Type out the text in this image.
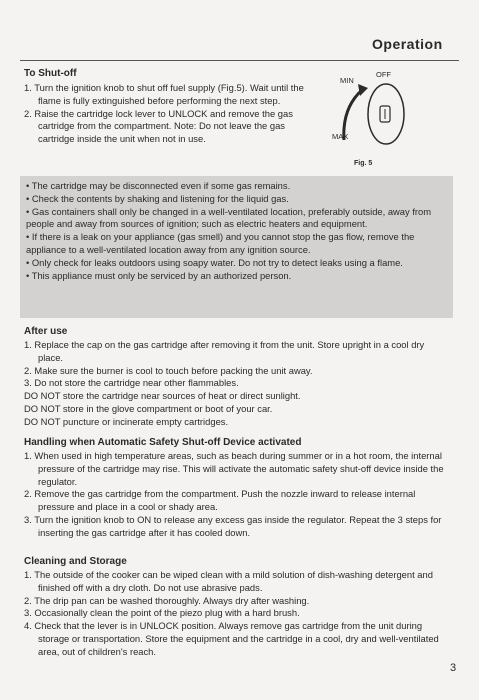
Operation
To Shut-off

1. Turn the ignition knob to shut off fuel supply (Fig.5). Wait until the flame is fully extinguished before performing the next step.

2. Raise the cartridge lock lever to UNLOCK and remove the gas cartridge from the compartment. Note: Do not leave the gas cartridge inside the unit when not in use.

MIN
OFF
MAX
Fig. 5

• The cartridge may be disconnected even if some gas remains.

• Check the contents by shaking and listening for the liquid gas.

• Gas containers shall only be changed in a well-ventilated location, preferably outside, away from people and away from sources of ignition; such as electric heaters and equipment.

• If there is a leak on your appliance (gas smell) and you cannot stop the gas flow, remove the appliance to a well-ventilated location away from any ignition source.

• Only check for leaks outdoors using soapy water. Do not try to detect leaks using a flame.

• This appliance must only be serviced by an authorized person.

After use

1. Replace the cap on the gas cartridge after removing it from the unit. Store upright in a cool dry place.

2. Make sure the burner is cool to touch before packing the unit away.

3. Do not store the cartridge near other flammables.

DO NOT store the cartridge near sources of heat or direct sunlight.

DO NOT store in the glove compartment or boot of your car.

DO NOT puncture or incinerate empty cartridges.

Handling when Automatic Safety Shut-off Device activated

1. When used in high temperature areas, such as beach during summer or in a hot room, the internal pressure of the cartridge may rise. This will activate the automatic safety shut-off device inside the regulator.

2. Remove the gas cartridge from the compartment. Push the nozzle inward to release internal pressure and place in a cool or shady area.

3. Turn the ignition knob to ON to release any excess gas inside the regulator. Repeat the 3 steps for inserting the gas cartridge after it has cooled down.

Cleaning and Storage

1. The outside of the cooker can be wiped clean with a mild solution of dish-washing detergent and finished off with a dry cloth. Do not use abrasive pads.

2. The drip pan can be washed thoroughly. Always dry after washing.

3. Occasionally clean the point of the piezo plug with a hard brush.

4. Check that the lever is in UNLOCK position. Always remove gas cartridge from the unit during storage or transportation. Store the equipment and the cartridge in a cool, dry and well-ventilated area, out of children's reach.

3
